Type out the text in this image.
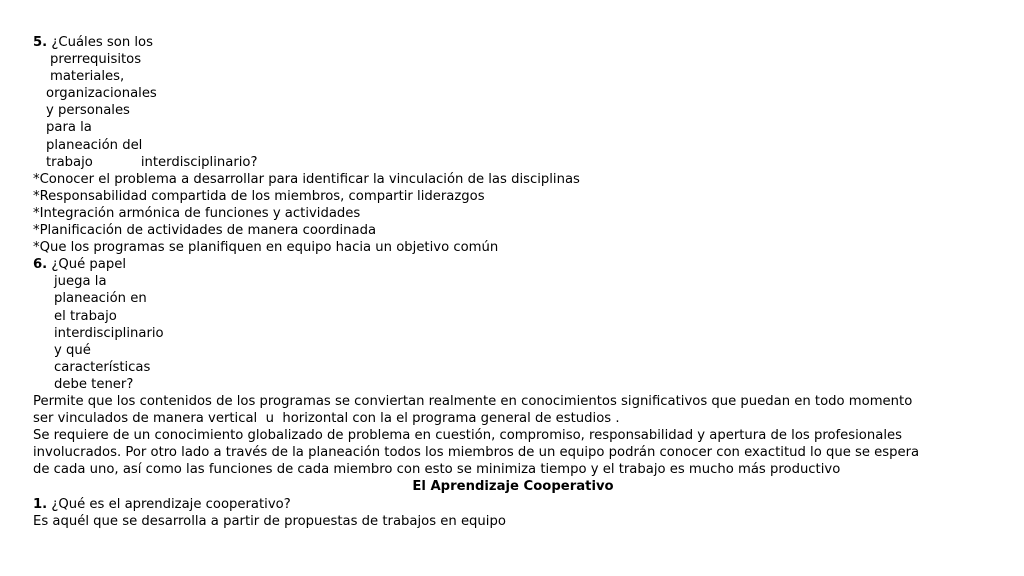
5. ¿Cuáles son los
prerrequisitos
materiales,
organizacionales
y personales
para la
planeación del
trabajo	interdisciplinario?
*Conocer el problema a desarrollar para identificar la vinculación de las disciplinas
*Responsabilidad compartida de los miembros, compartir liderazgos
*Integración armónica de funciones y actividades
*Planificación de actividades de manera coordinada
*Que los programas se planifiquen en equipo hacia un objetivo común
6. ¿Qué papel
juega la
planeación en
el trabajo
interdisciplinario
y qué
características
debe tener?
Permite que los contenidos de los programas se conviertan realmente en conocimientos significativos que puedan en todo momento
ser vinculados de manera vertical  u  horizontal con la el programa general de estudios .
Se requiere de un conocimiento globalizado de problema en cuestión, compromiso, responsabilidad y apertura de los profesionales
involucrados. Por otro lado a través de la planeación todos los miembros de un equipo podrán conocer con exactitud lo que se espera
de cada uno, así como las funciones de cada miembro con esto se minimiza tiempo y el trabajo es mucho más productivo
El Aprendizaje Cooperativo
1. ¿Qué es el aprendizaje cooperativo?
Es aquél que se desarrolla a partir de propuestas de trabajos en equipo
